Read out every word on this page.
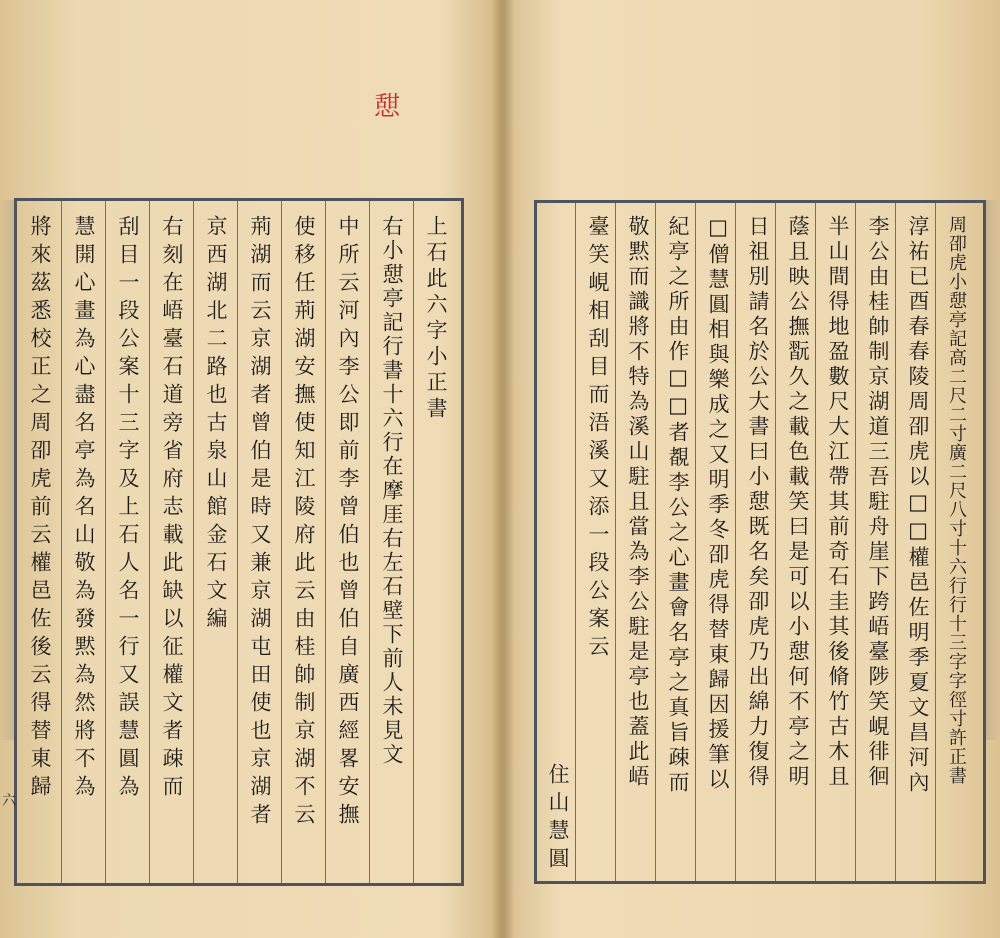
憇
上石此六字小正書
右小憇亭記行書十六行在摩厓右左石壁下前人未見文
中所云河內李公即前李曾伯也曾伯自廣西經畧安撫
使移任荊湖安撫使知江陵府此云由桂帥制京湖不云
荊湖而云京湖者曾伯是時又兼京湖屯田使也京湖者
京西湖北二路也古泉山館金石文編
右刻在峿臺石道旁省府志載此缺以征權文者疎而
刮目一段公案十三字及上石人名一行又誤慧圓為
慧開心畫為心盡名亭為名山敬為發黙為然將不為
將來茲悉校正之周卲虎前云權邑佐後云得替東歸
六
周卲虎小憇亭記高二尺二寸廣二尺八寸十六行行十三字字徑寸許正書
淳祐已酉春春陵周卲虎以□□權邑佐明季夏文昌河內
李公由桂帥制京湖道三吾駐舟崖下跨峿臺陟笑峴徘徊
半山間得地盈數尺大江帶其前奇石圭其後脩竹古木且
蔭且映公撫翫久之載色載笑曰是可以小憇何不亭之明
日祖別請名於公大書曰小憇既名矣卲虎乃出綿力復得
□僧慧圓相與樂成之又明季冬卲虎得替東歸因援筆以
紀亭之所由作□□者覩李公之心畫會名亭之真旨疎而
敬黙而識將不特為溪山駐且當為李公駐是亭也蓋此峿
臺笑峴相刮目而浯溪又添一段公案云
住山慧圓
